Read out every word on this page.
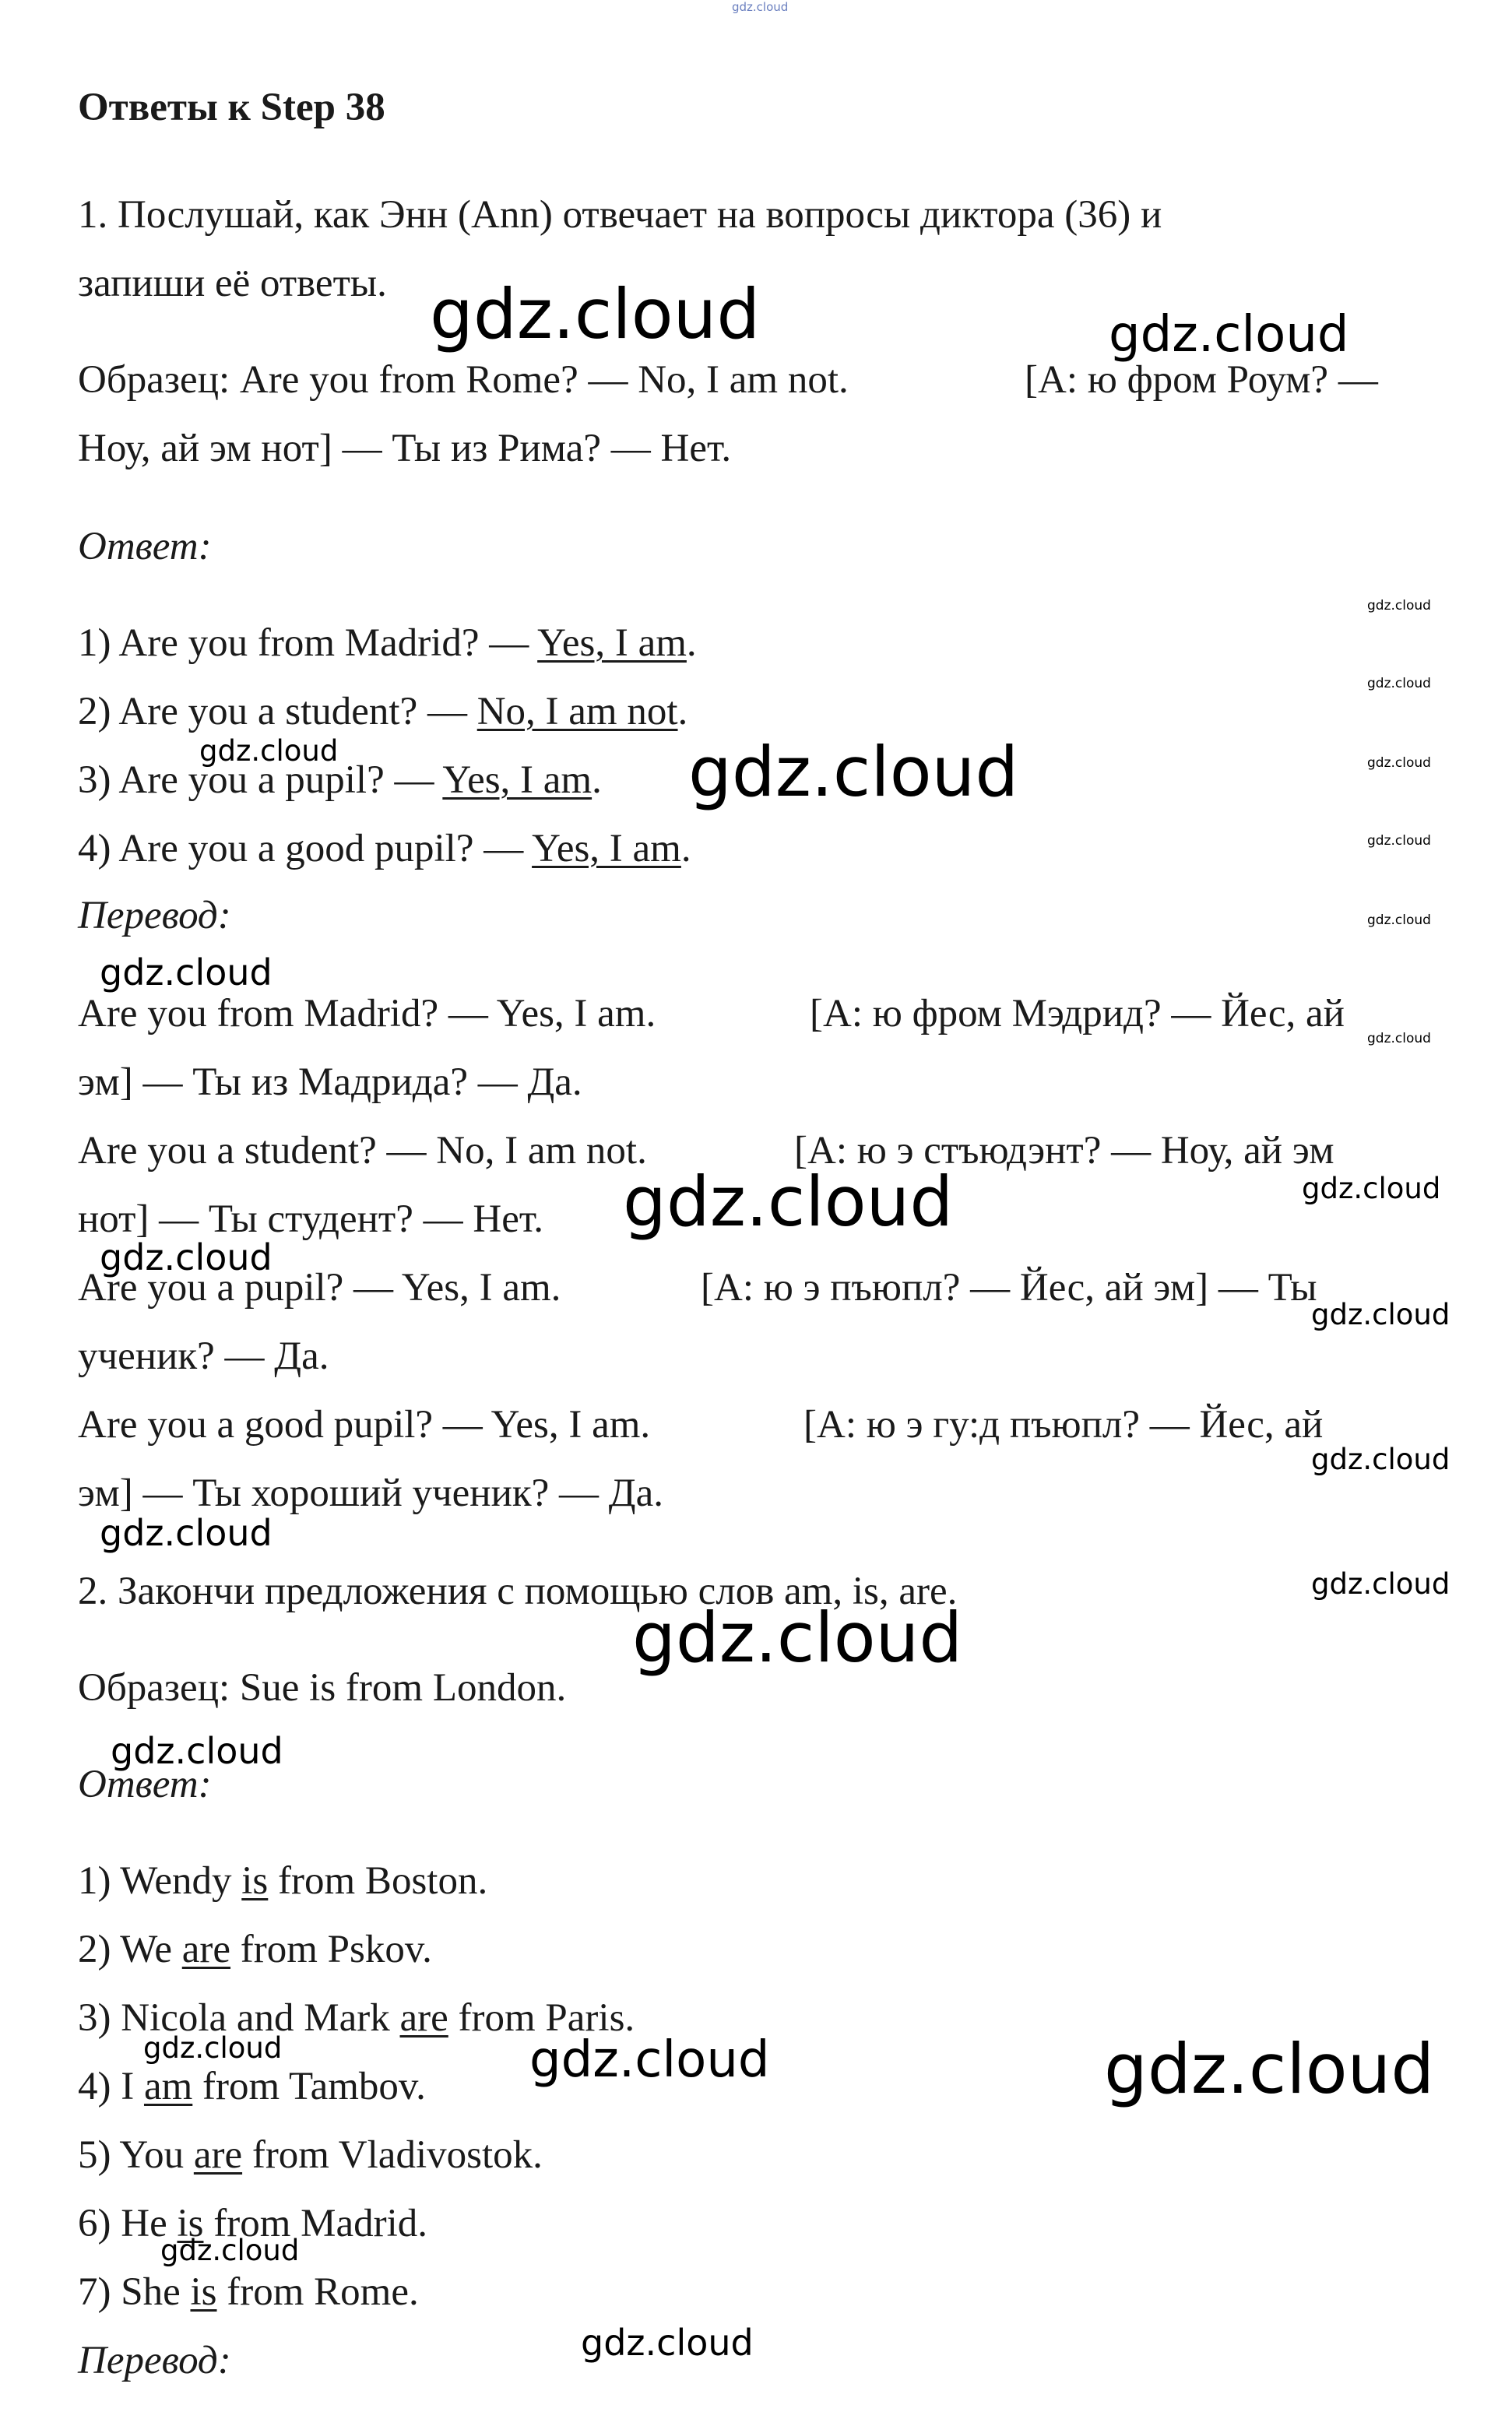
gdz.cloud
Ответы к Step 38
1. Послушай, как Энн (Ann) отвечает на вопросы диктора (36) и
запиши её ответы.
Образец: Are you from Rome? — No, I am not.	[А: ю фром Роум? —
Ноу, ай эм нот] — Ты из Рима? — Нет.
Ответ:
1) Are you from Madrid? — Yes, I am.
2) Are you a student? — No, I am not.
3) Are you a pupil? — Yes, I am.
4) Are you a good pupil? — Yes, I am.
Перевод:
Are you from Madrid? — Yes, I am.	[А: ю фром Мэдрид? — Йес, ай
эм] — Ты из Мадрида? — Да.
Are you a student? — No, I am not.	[А: ю э стъюдэнт? — Ноу, ай эм
нот] — Ты студент? — Нет.
Are you a pupil? — Yes, I am.	[А: ю э пъюпл? — Йес, ай эм] — Ты
ученик? — Да.
Are you a good pupil? — Yes, I am.	[А: ю э гу:д пъюпл? — Йес, ай
эм] — Ты хороший ученик? — Да.
2. Закончи предложения с помощью слов am, is, are.
Образец: Sue is from London.
Ответ:
1) Wendy is from Boston.
2) We are from Pskov.
3) Nicola and Mark are from Paris.
4) I am from Tambov.
5) You are from Vladivostok.
6) He is from Madrid.
7) She is from Rome.
Перевод:
gdz.cloud	gdz.cloud
gdz.cloud
gdz.cloud
gdz.cloud	gdz.cloud	gdz.cloud
gdz.cloud
gdz.cloud
gdz.cloud
gdz.cloud
gdz.cloud	gdz.cloud
gdz.cloud
gdz.cloud
gdz.cloud
gdz.cloud
gdz.cloud
gdz.cloud
gdz.cloud
gdz.cloud	gdz.cloud	gdz.cloud
gdz.cloud
gdz.cloud
